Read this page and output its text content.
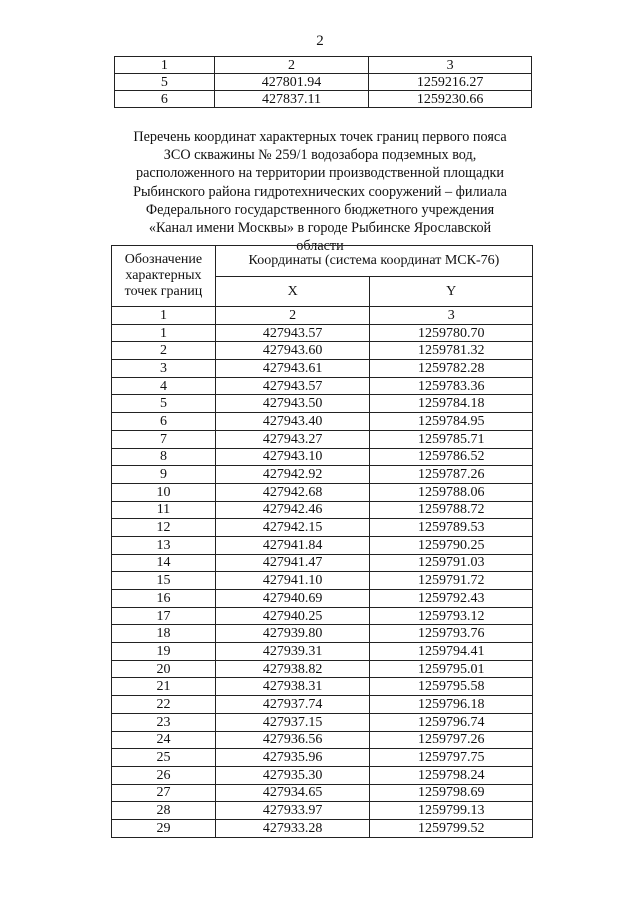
2
1	2	3
5	427801.94	1259216.27
6	427837.11	1259230.66
Перечень координат характерных точек границ первого пояса ЗСО скважины № 259/1 водозабора подземных вод, расположенного на территории производственной площадки Рыбинского района гидротехнических сооружений – филиала Федерального государственного бюджетного учреждения «Канал имени Москвы» в городе Рыбинске Ярославской области
Обозначение характерных точек границ	Координаты (система координат МСК-76)	
	X	Y
1	2	3
1	427943.57	1259780.70
2	427943.60	1259781.32
3	427943.61	1259782.28
4	427943.57	1259783.36
5	427943.50	1259784.18
6	427943.40	1259784.95
7	427943.27	1259785.71
8	427943.10	1259786.52
9	427942.92	1259787.26
10	427942.68	1259788.06
11	427942.46	1259788.72
12	427942.15	1259789.53
13	427941.84	1259790.25
14	427941.47	1259791.03
15	427941.10	1259791.72
16	427940.69	1259792.43
17	427940.25	1259793.12
18	427939.80	1259793.76
19	427939.31	1259794.41
20	427938.82	1259795.01
21	427938.31	1259795.58
22	427937.74	1259796.18
23	427937.15	1259796.74
24	427936.56	1259797.26
25	427935.96	1259797.75
26	427935.30	1259798.24
27	427934.65	1259798.69
28	427933.97	1259799.13
29	427933.28	1259799.52
